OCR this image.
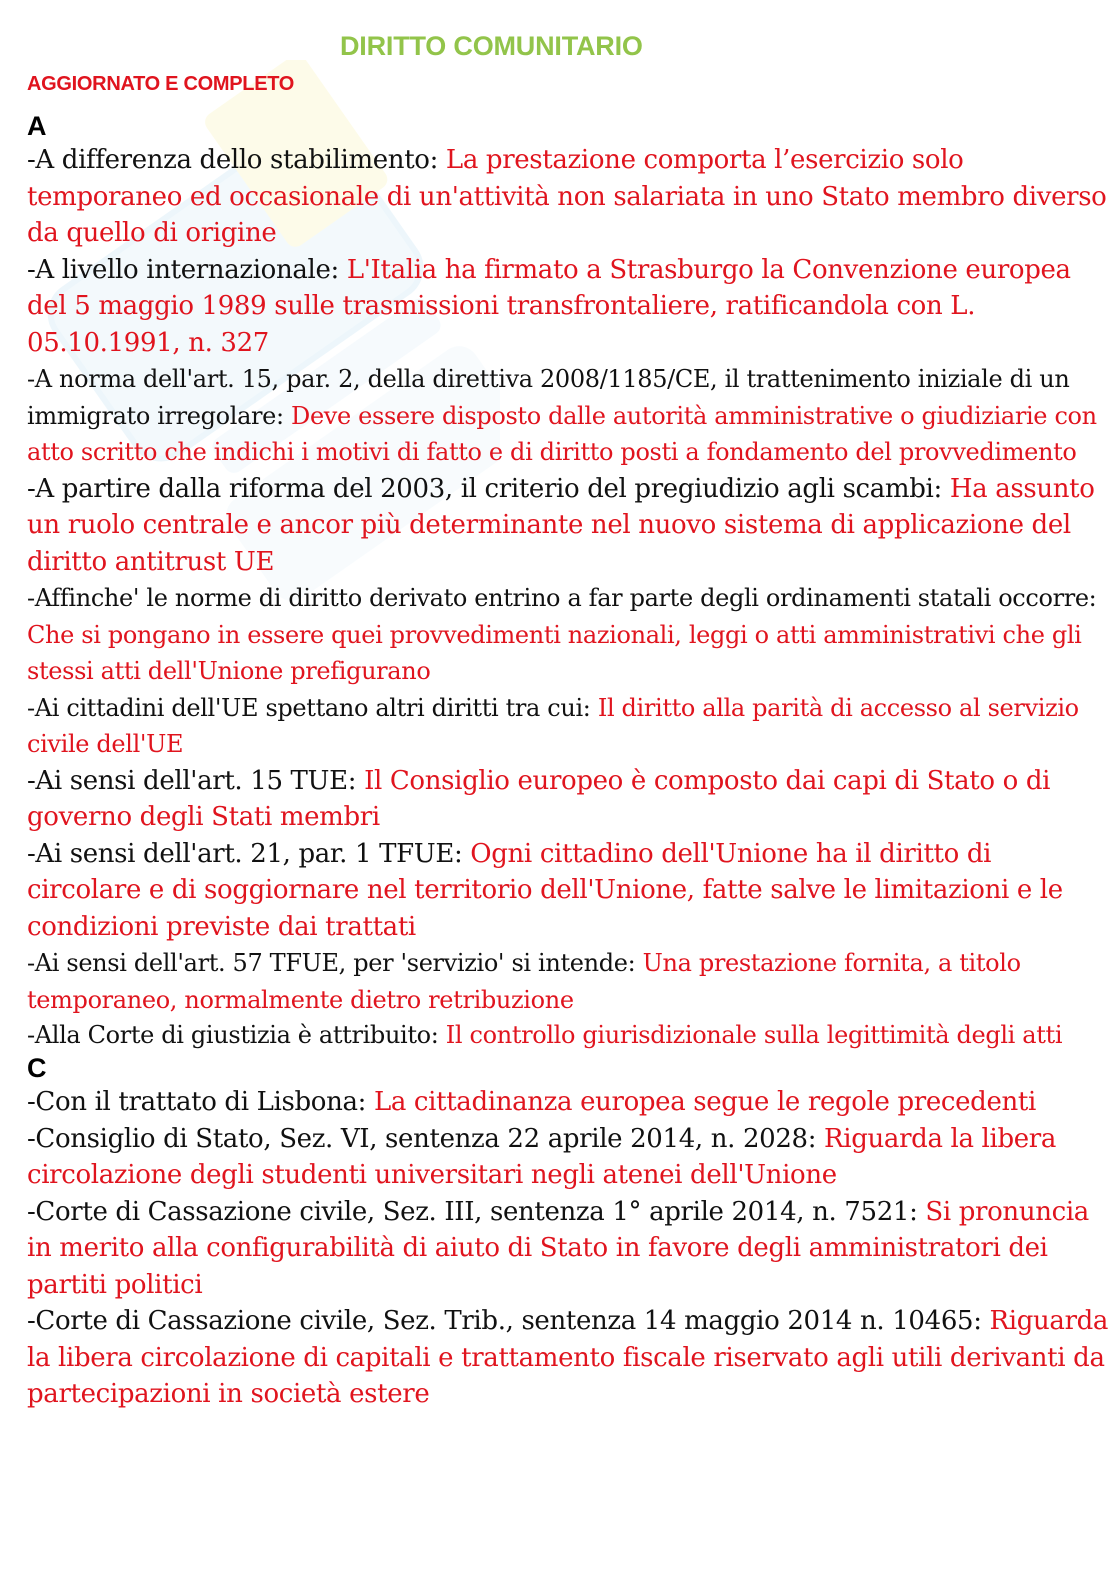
DIRITTO COMUNITARIO
AGGIORNATO E COMPLETO
A
-A differenza dello stabilimento: La prestazione comporta l’esercizio solo temporaneo ed occasionale di un'attività non salariata in uno Stato membro diverso da quello di origine
-A livello internazionale: L'Italia ha firmato a Strasburgo la Convenzione europea del 5 maggio 1989 sulle trasmissioni transfrontaliere, ratificandola con L. 05.10.1991, n. 327
-A norma dell'art. 15, par. 2, della direttiva 2008/1185/CE, il trattenimento iniziale di un immigrato irregolare: Deve essere disposto dalle autorità amministrative o giudiziarie con atto scritto che indichi i motivi di fatto e di diritto posti a fondamento del provvedimento
-A partire dalla riforma del 2003, il criterio del pregiudizio agli scambi: Ha assunto un ruolo centrale e ancor più determinante nel nuovo sistema di applicazione del diritto antitrust UE
-Affinche' le norme di diritto derivato entrino a far parte degli ordinamenti statali occorre: Che si pongano in essere quei provvedimenti nazionali, leggi o atti amministrativi che gli stessi atti dell'Unione prefigurano
-Ai cittadini dell'UE spettano altri diritti tra cui: Il diritto alla parità di accesso al servizio civile dell'UE
-Ai sensi dell'art. 15 TUE: Il Consiglio europeo è composto dai capi di Stato o di governo degli Stati membri
-Ai sensi dell'art. 21, par. 1 TFUE: Ogni cittadino dell'Unione ha il diritto di circolare e di soggiornare nel territorio dell'Unione, fatte salve le limitazioni e le condizioni previste dai trattati
-Ai sensi dell'art. 57 TFUE, per 'servizio' si intende: Una prestazione fornita, a titolo temporaneo, normalmente dietro retribuzione
-Alla Corte di giustizia è attribuito: Il controllo giurisdizionale sulla legittimità degli atti
C
-Con il trattato di Lisbona: La cittadinanza europea segue le regole precedenti
-Consiglio di Stato, Sez. VI, sentenza 22 aprile 2014, n. 2028: Riguarda la libera circolazione degli studenti universitari negli atenei dell'Unione
-Corte di Cassazione civile, Sez. III, sentenza 1° aprile 2014, n. 7521: Si pronuncia in merito alla configurabilità di aiuto di Stato in favore degli amministratori dei partiti politici
-Corte di Cassazione civile, Sez. Trib., sentenza 14 maggio 2014 n. 10465: Riguarda la libera circolazione di capitali e trattamento fiscale riservato agli utili derivanti da partecipazioni in società estere
